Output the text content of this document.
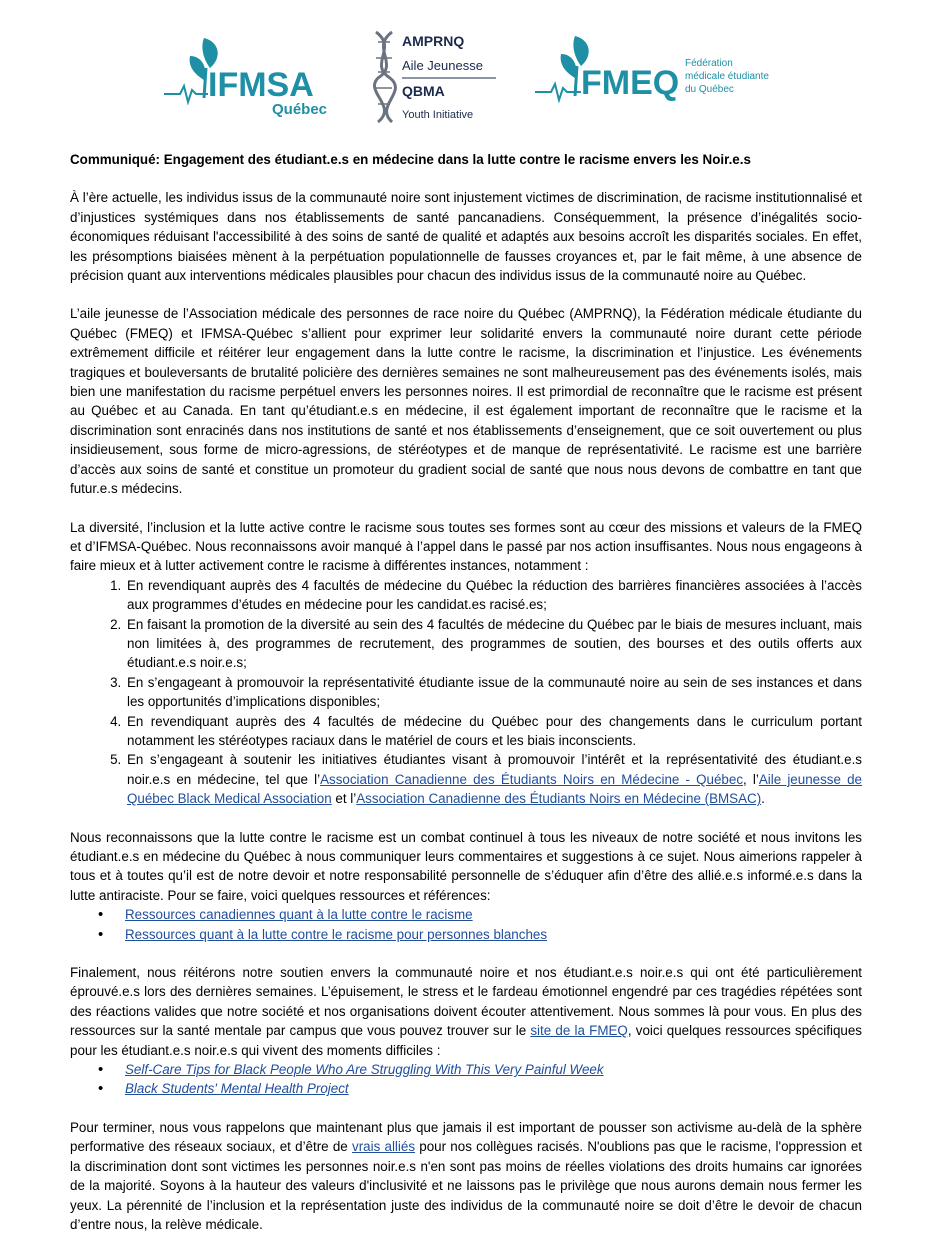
IFMSA
Québec
AMPRNQ
Aile Jeunesse
QBMA
Youth Initiative
FMEQ
Fédération
médicale étudiante
du Québec
Communiqué: Engagement des étudiant.e.s en médecine dans la lutte contre le racisme envers les Noir.e.s

À l’ère actuelle, les individus issus de la communauté noire sont injustement victimes de discrimination, de racisme institutionnalisé et d’injustices systémiques dans nos établissements de santé pancanadiens. Conséquemment, la présence d’inégalités socio-économiques réduisant l'accessibilité à des soins de santé de qualité et adaptés aux besoins accroît les disparités sociales. En effet, les présomptions biaisées mènent à la perpétuation populationnelle de fausses croyances et, par le fait même, à une absence de précision quant aux interventions médicales plausibles pour chacun des individus issus de la communauté noire au Québec.

L’aile jeunesse de l’Association médicale des personnes de race noire du Québec (AMPRNQ), la Fédération médicale étudiante du Québec (FMEQ) et IFMSA-Québec s’allient pour exprimer leur solidarité envers la communauté noire durant cette période extrêmement difficile et réitérer leur engagement dans la lutte contre le racisme, la discrimination et l’injustice. Les événements tragiques et bouleversants de brutalité policière des dernières semaines ne sont malheureusement pas des événements isolés, mais bien une manifestation du racisme perpétuel envers les personnes noires. Il est primordial de reconnaître que le racisme est présent au Québec et au Canada. En tant qu’étudiant.e.s en médecine, il est également important de reconnaître que le racisme et la discrimination sont enracinés dans nos institutions de santé et nos établissements d’enseignement, que ce soit ouvertement ou plus insidieusement, sous forme de micro-agressions, de stéréotypes et de manque de représentativité. Le racisme est une barrière d’accès aux soins de santé et constitue un promoteur du gradient social de santé que nous nous devons de combattre en tant que futur.e.s médecins.

La diversité, l’inclusion et la lutte active contre le racisme sous toutes ses formes sont au cœur des missions et valeurs de la FMEQ et d’IFMSA-Québec. Nous reconnaissons avoir manqué à l’appel dans le passé par nos action insuffisantes. Nous nous engageons à faire mieux et à lutter activement contre le racisme à différentes instances, notamment :

1. En revendiquant auprès des 4 facultés de médecine du Québec la réduction des barrières financières associées à l’accès aux programmes d’études en médecine pour les candidat.es racisé.es;
2. En faisant la promotion de la diversité au sein des 4 facultés de médecine du Québec par le biais de mesures incluant, mais non limitées à, des programmes de recrutement, des programmes de soutien, des bourses et des outils offerts aux étudiant.e.s noir.e.s;
3. En s’engageant à promouvoir la représentativité étudiante issue de la communauté noire au sein de ses instances et dans les opportunités d’implications disponibles;
4. En revendiquant auprès des 4 facultés de médecine du Québec pour des changements dans le curriculum portant notamment les stéréotypes raciaux dans le matériel de cours et les biais inconscients.
5. En s’engageant à soutenir les initiatives étudiantes visant à promouvoir l’intérêt et la représentativité des étudiant.e.s noir.e.s en médecine, tel que l’Association Canadienne des Étudiants Noirs en Médecine - Québec, l’Aile jeunesse de Québec Black Medical Association et l’Association Canadienne des Étudiants Noirs en Médecine (BMSAC).

Nous reconnaissons que la lutte contre le racisme est un combat continuel à tous les niveaux de notre société et nous invitons les étudiant.e.s en médecine du Québec à nous communiquer leurs commentaires et suggestions à ce sujet. Nous aimerions rappeler à tous et à toutes qu’il est de notre devoir et notre responsabilité personnelle de s’éduquer afin d’être des allié.e.s informé.e.s dans la lutte antiraciste. Pour se faire, voici quelques ressources et références:

• Ressources canadiennes quant à la lutte contre le racisme
• Ressources quant à la lutte contre le racisme pour personnes blanches

Finalement, nous réitérons notre soutien envers la communauté noire et nos étudiant.e.s noir.e.s qui ont été particulièrement éprouvé.e.s lors des dernières semaines. L’épuisement, le stress et le fardeau émotionnel engendré par ces tragédies répétées sont des réactions valides que notre société et nos organisations doivent écouter attentivement. Nous sommes là pour vous. En plus des ressources sur la santé mentale par campus que vous pouvez trouver sur le site de la FMEQ, voici quelques ressources spécifiques pour les étudiant.e.s noir.e.s qui vivent des moments difficiles :

• Self-Care Tips for Black People Who Are Struggling With This Very Painful Week
• Black Students' Mental Health Project

Pour terminer, nous vous rappelons que maintenant plus que jamais il est important de pousser son activisme au-delà de la sphère performative des réseaux sociaux, et d’être de vrais alliés pour nos collègues racisés. N'oublions pas que le racisme, l'oppression et la discrimination dont sont victimes les personnes noir.e.s n'en sont pas moins de réelles violations des droits humains car ignorées de la majorité. Soyons à la hauteur des valeurs d'inclusivité et ne laissons pas le privilège que nous aurons demain nous fermer les yeux. La pérennité de l’inclusion et la représentation juste des individus de la communauté noire se doit d’être le devoir de chacun d’entre nous, la relève médicale.
